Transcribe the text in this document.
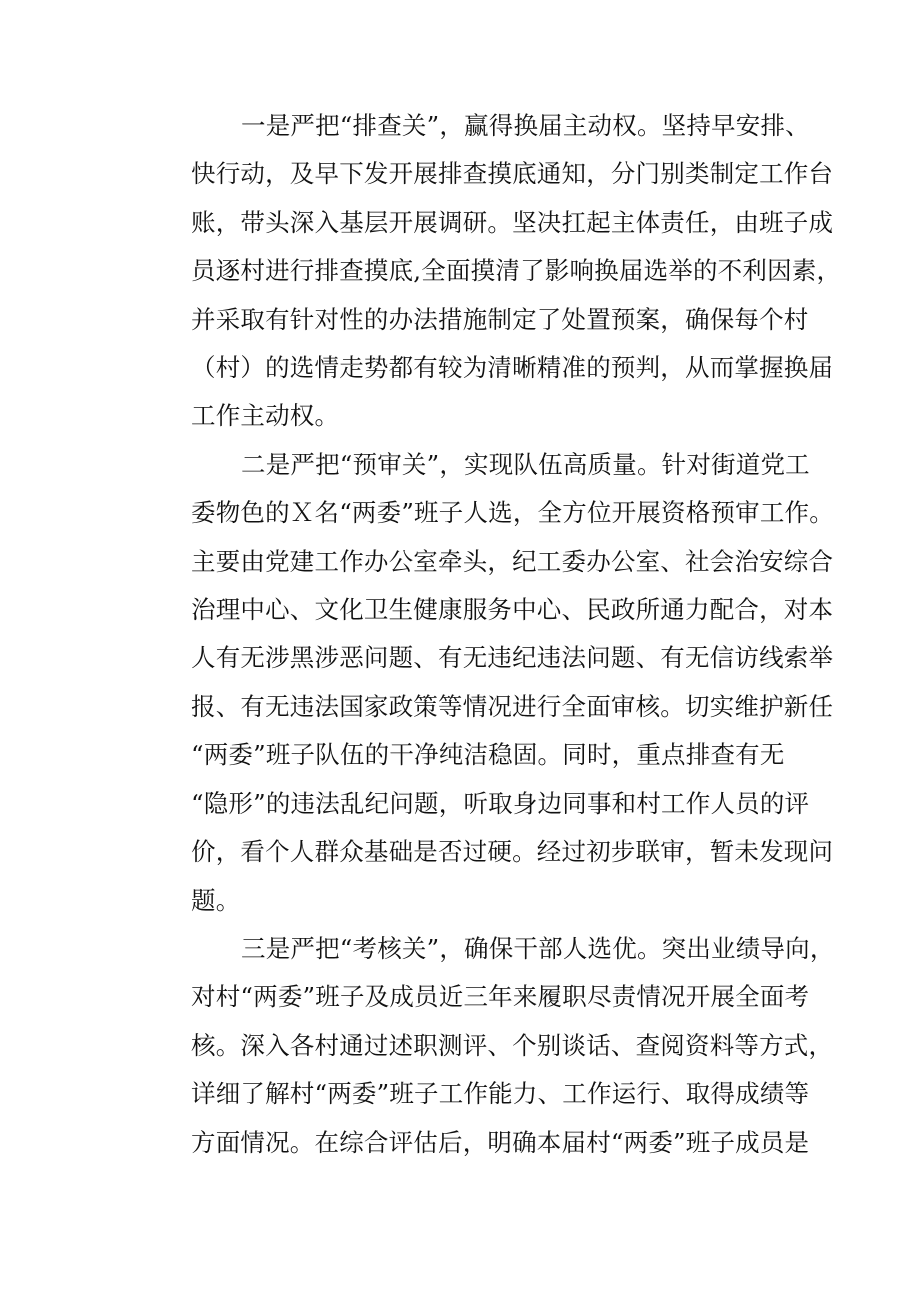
一是严把“排查关”，赢得换届主动权。坚持早安排、
快行动，及早下发开展排查摸底通知，分门别类制定工作台
账，带头深入基层开展调研。坚决扛起主体责任，由班子成
员逐村进行排查摸底,全面摸清了影响换届选举的不利因素，
并采取有针对性的办法措施制定了处置预案，确保每个村
（村）的选情走势都有较为清晰精准的预判，从而掌握换届
工作主动权。
二是严把“预审关”，实现队伍高质量。针对街道党工
委物色的Ｘ名“两委”班子人选，全方位开展资格预审工作。
主要由党建工作办公室牵头，纪工委办公室、社会治安综合
治理中心、文化卫生健康服务中心、民政所通力配合，对本
人有无涉黑涉恶问题、有无违纪违法问题、有无信访线索举
报、有无违法国家政策等情况进行全面审核。切实维护新任
“两委”班子队伍的干净纯洁稳固。同时，重点排查有无
“隐形”的违法乱纪问题，听取身边同事和村工作人员的评
价，看个人群众基础是否过硬。经过初步联审，暂未发现问
题。
三是严把“考核关”，确保干部人选优。突出业绩导向，
对村“两委”班子及成员近三年来履职尽责情况开展全面考
核。深入各村通过述职测评、个别谈话、查阅资料等方式，
详细了解村“两委”班子工作能力、工作运行、取得成绩等
方面情况。在综合评估后，明确本届村“两委”班子成员是
